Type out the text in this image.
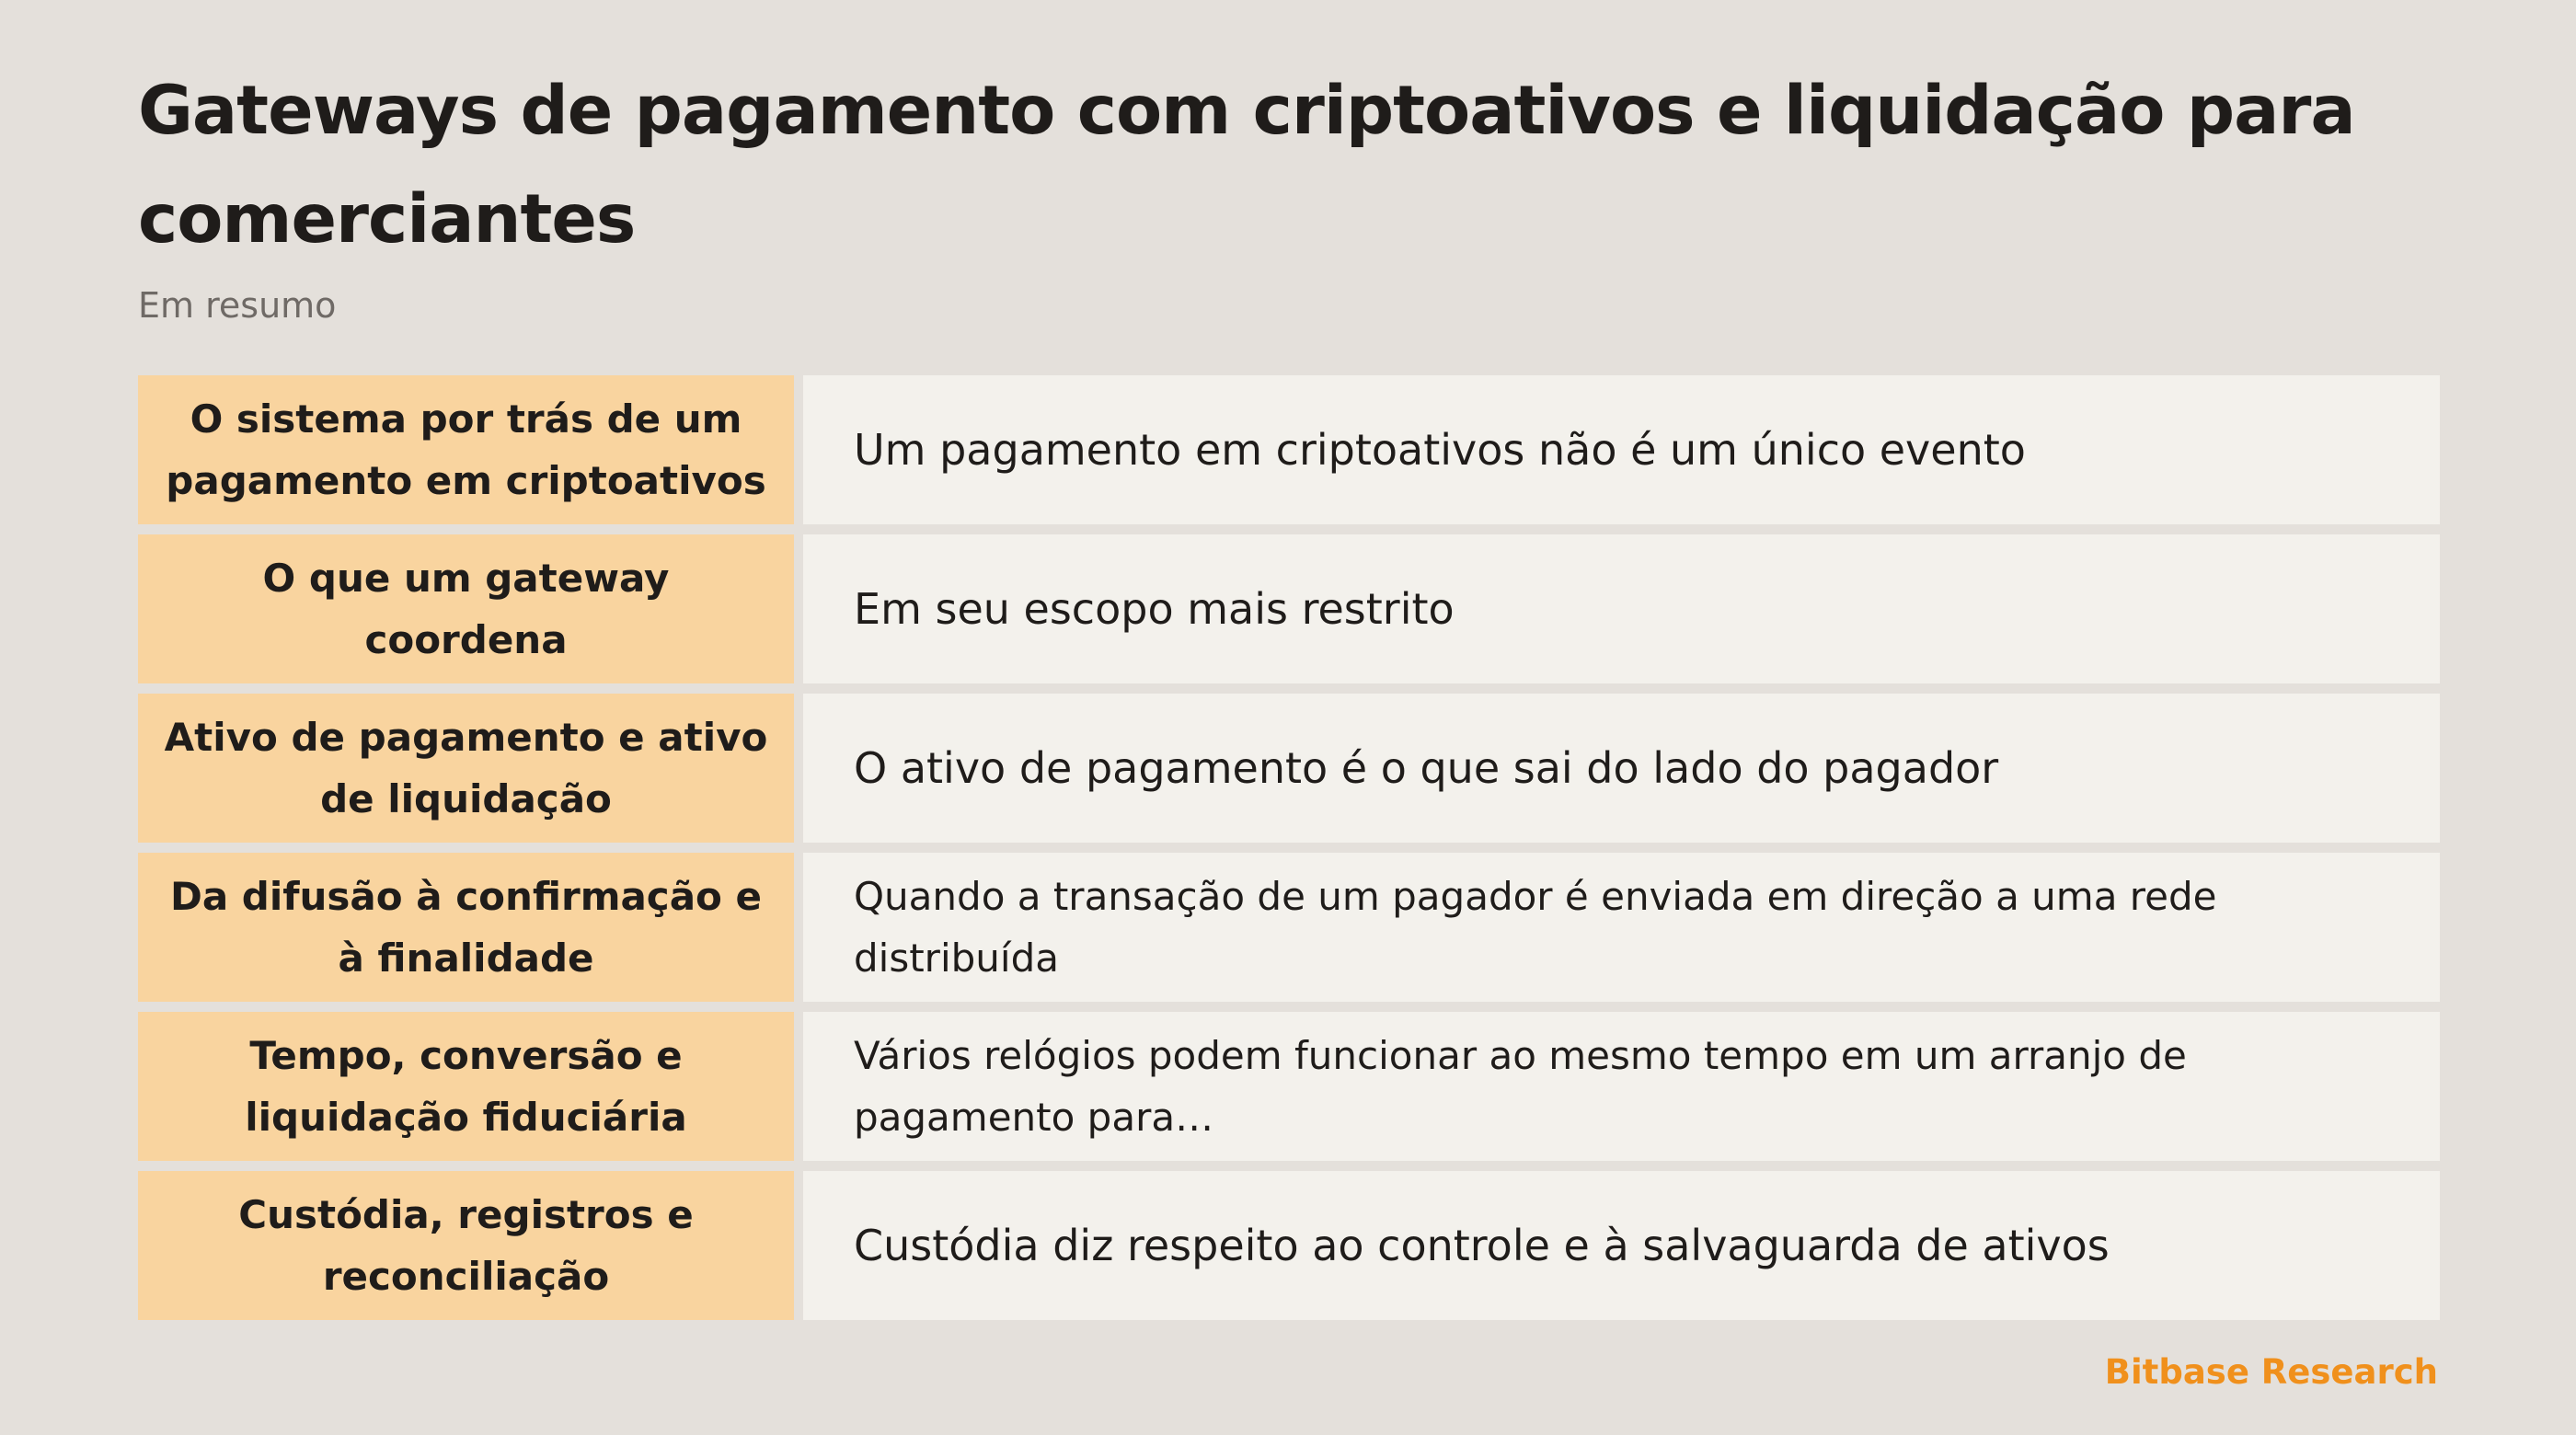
Gateways de pagamento com criptoativos e liquidação para comerciantes
Em resumo
O sistema por trás de um pagamento em criptoativos
Um pagamento em criptoativos não é um único evento
O que um gateway coordena
Em seu escopo mais restrito
Ativo de pagamento e ativo de liquidação
O ativo de pagamento é o que sai do lado do pagador
Da difusão à confirmação e à finalidade
Quando a transação de um pagador é enviada em direção a uma rede distribuída
Tempo, conversão e liquidação fiduciária
Vários relógios podem funcionar ao mesmo tempo em um arranjo de pagamento para…
Custódia, registros e reconciliação
Custódia diz respeito ao controle e à salvaguarda de ativos
Bitbase Research
